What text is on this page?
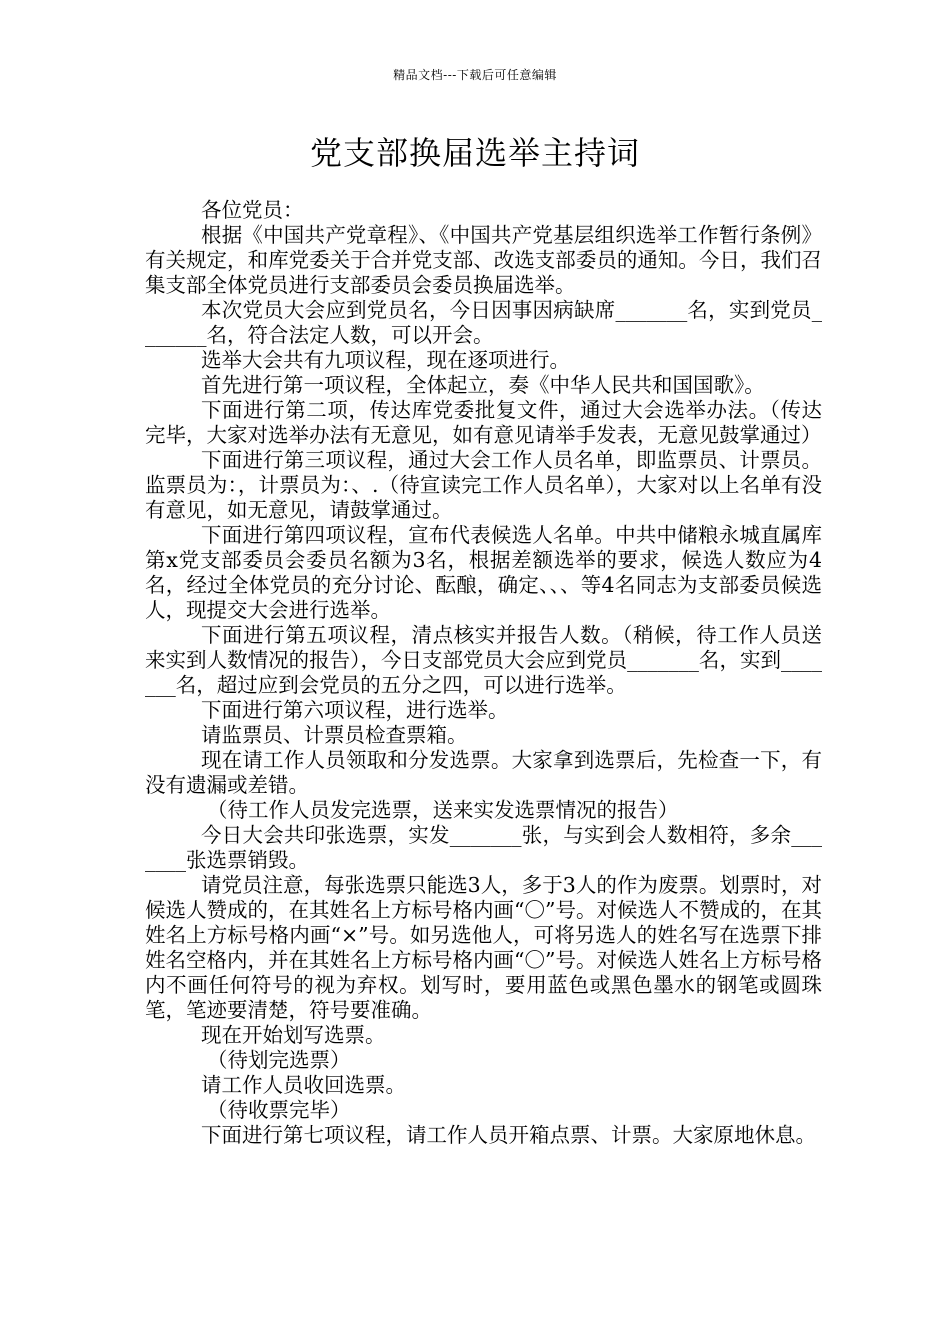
精品文档---下载后可任意编辑
党支部换届选举主持词

各位党员：

根据《中国共产党章程》、《中国共产党基层组织选举工作暂行条例》有关规定，和库党委关于合并党支部、改选支部委员的通知。今日，我们召集支部全体党员进行支部委员会委员换届选举。

本次党员大会应到党员名，今日因事因病缺席_______名，实到党员_______名，符合法定人数，可以开会。

选举大会共有九项议程，现在逐项进行。

首先进行第一项议程，全体起立，奏《中华人民共和国国歌》。

下面进行第二项，传达库党委批复文件，通过大会选举办法。（传达完毕，大家对选举办法有无意见，如有意见请举手发表，无意见鼓掌通过）

下面进行第三项议程，通过大会工作人员名单，即监票员、计票员。监票员为：，计票员为：、.（待宣读完工作人员名单），大家对以上名单有没有意见，如无意见，请鼓掌通过。

下面进行第四项议程，宣布代表候选人名单。中共中储粮永城直属库第x党支部委员会委员名额为3名，根据差额选举的要求，候选人数应为4名，经过全体党员的充分讨论、酝酿，确定、、、等4名同志为支部委员候选人，现提交大会进行选举。

下面进行第五项议程，清点核实并报告人数。（稍候，待工作人员送来实到人数情况的报告），今日支部党员大会应到党员_______名，实到_______名，超过应到会党员的五分之四，可以进行选举。

下面进行第六项议程，进行选举。

请监票员、计票员检查票箱。

现在请工作人员领取和分发选票。大家拿到选票后，先检查一下，有没有遗漏或差错。

（待工作人员发完选票，送来实发选票情况的报告）

今日大会共印张选票，实发_______张，与实到会人数相符，多余_______张选票销毁。

请党员注意，每张选票只能选3人，多于3人的作为废票。划票时，对候选人赞成的，在其姓名上方标号格内画“〇”号。对候选人不赞成的，在其姓名上方标号格内画“×”号。如另选他人，可将另选人的姓名写在选票下排姓名空格内，并在其姓名上方标号格内画“〇”号。对候选人姓名上方标号格内不画任何符号的视为弃权。划写时，要用蓝色或黑色墨水的钢笔或圆珠笔，笔迹要清楚，符号要准确。

现在开始划写选票。

（待划完选票）

请工作人员收回选票。

（待收票完毕）

下面进行第七项议程，请工作人员开箱点票、计票。大家原地休息。
